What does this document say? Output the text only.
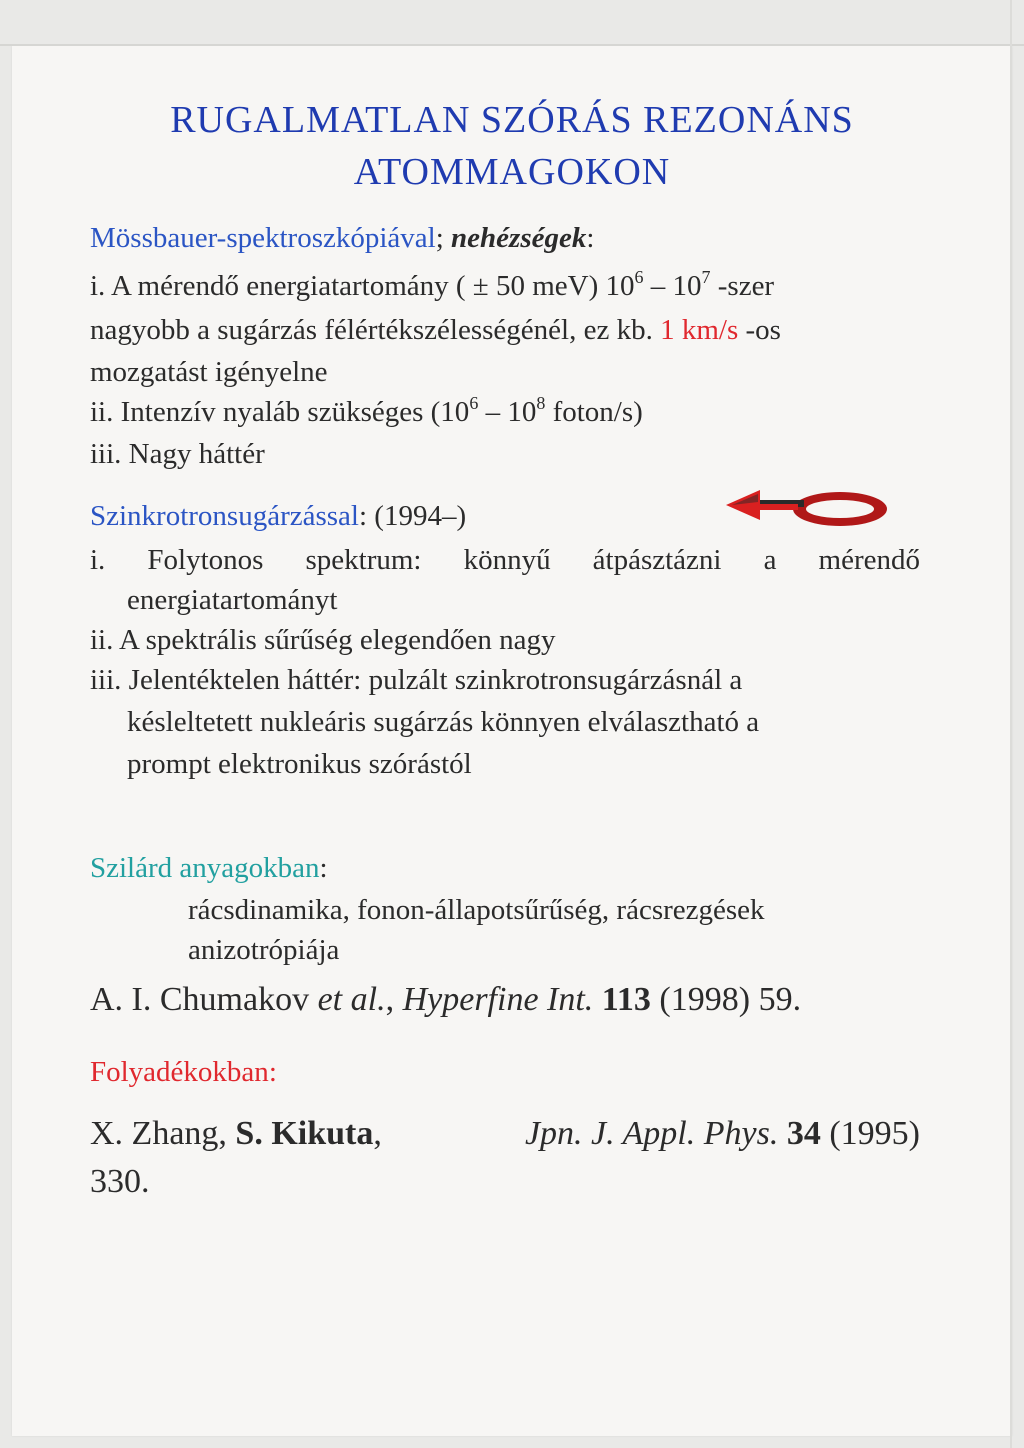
RUGALMATLAN SZÓRÁS REZONÁNS
ATOMMAGOKON
Mössbauer-spektroszkópiával; nehézségek:
i. A mérendő energiatartomány ( ± 50 meV) $10^6 - 10^7$ -szer
nagyobb a sugárzás félértékszélességénél, ez kb. 1 km/s -os
mozgatást igényelne
ii. Intenzív nyaláb szükséges ($10^6 - 10^8$ foton/s)
iii. Nagy háttér
Szinkrotronsugárzással: (1994–)
i. Folytonos spektrum: könnyű átpásztázni a mérendő
energiatartományt
ii. A spektrális sűrűség elegendően nagy
iii. Jelentéktelen háttér: pulzált szinkrotronsugárzásnál a
késleltetett nukleáris sugárzás könnyen elválasztható a
prompt elektronikus szórástól
Szilárd anyagokban:
rácsdinamika, fonon-állapotsűrűség, rácsrezgések
anizotrópiája
A. I. Chumakov et al., Hyperfine Int. 113 (1998) 59.
Folyadékokban:
X. Zhang, S. Kikuta,	Jpn. J. Appl. Phys. 34 (1995)
330.
